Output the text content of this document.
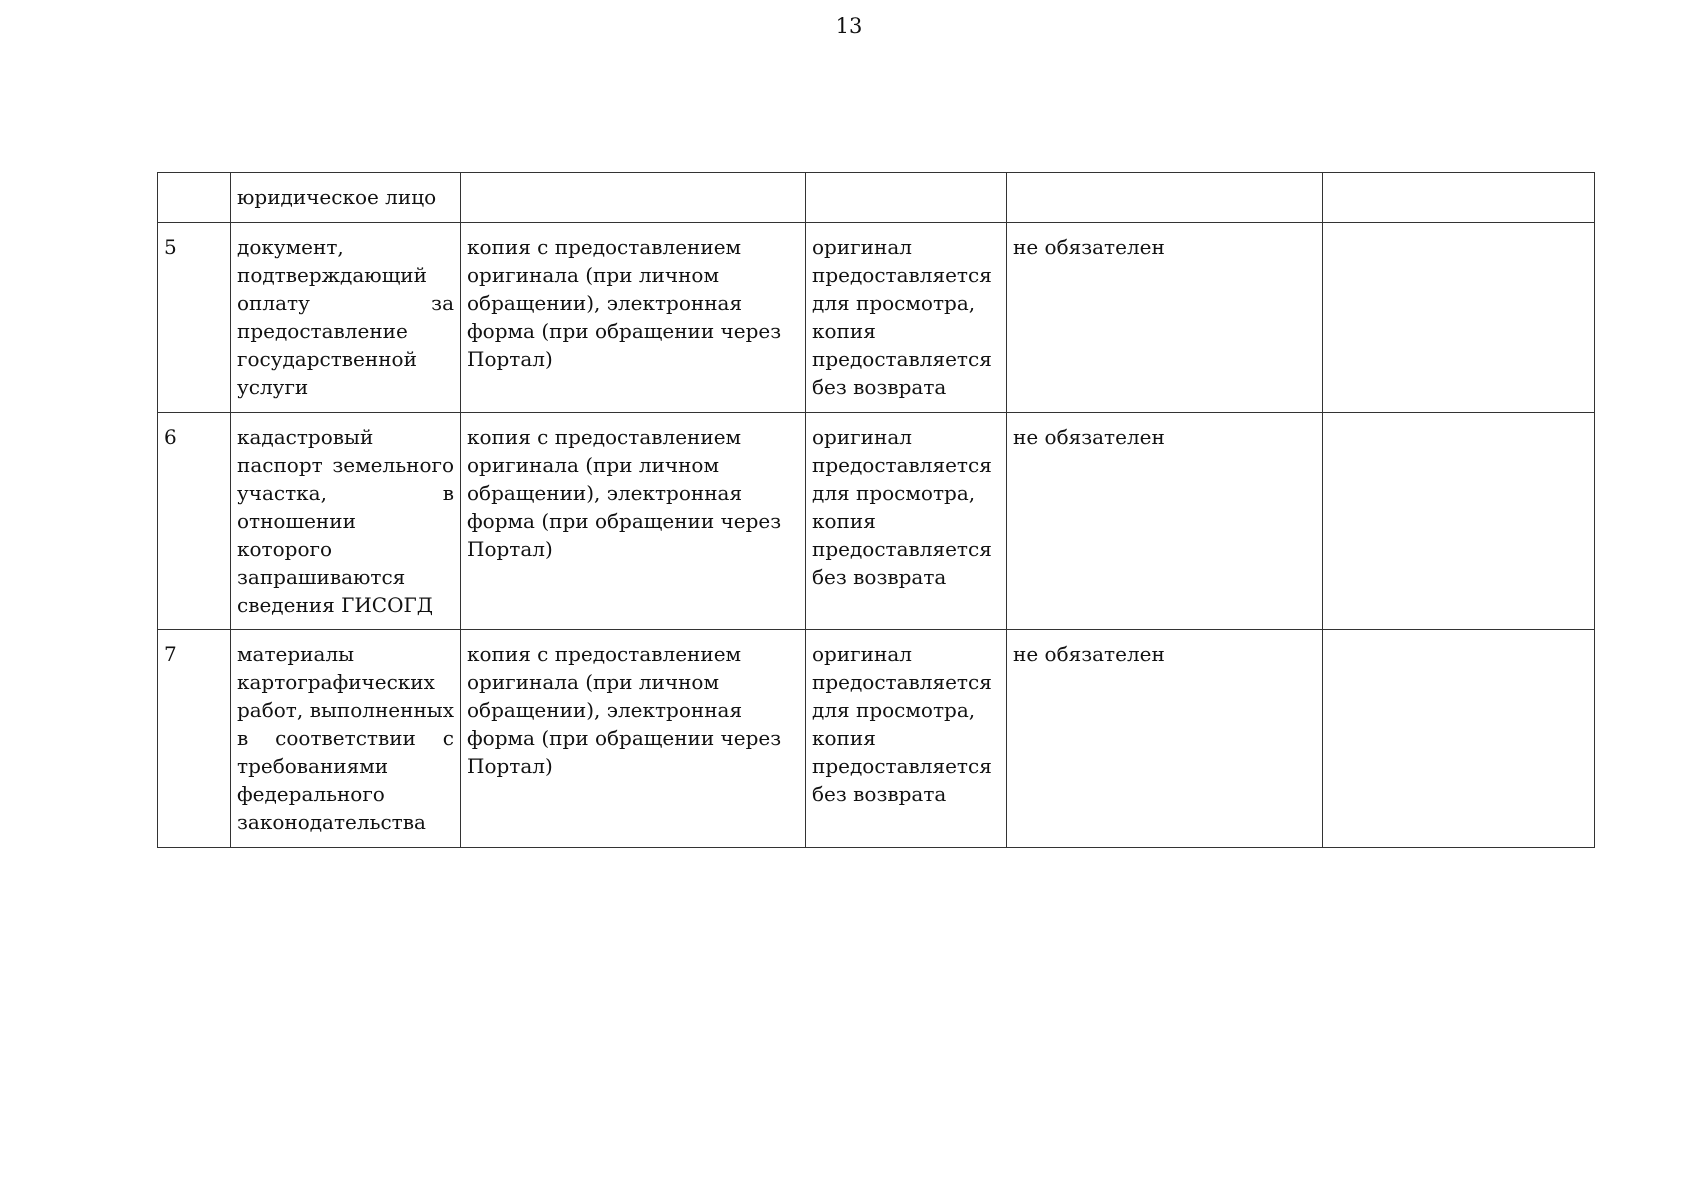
13
	юридическое лицо				
5	документ, подтверждающий оплату за предоставление государственной услуги	копия с предоставлением оригинала (при личном обращении), электронная форма (при обращении через Портал)	оригинал предоставляется для просмотра, копия предоставляется без возврата	не обязателен	
6	кадастровый паспорт земельного участка, в отношении которого запрашиваются сведения ГИСОГД	копия с предоставлением оригинала (при личном обращении), электронная форма (при обращении через Портал)	оригинал предоставляется для просмотра, копия предоставляется без возврата	не обязателен	
7	материалы картографических работ, выполненных в соответствии с требованиями федерального законодательства	копия с предоставлением оригинала (при личном обращении), электронная форма (при обращении через Портал)	оригинал предоставляется для просмотра, копия предоставляется без возврата	не обязателен	
